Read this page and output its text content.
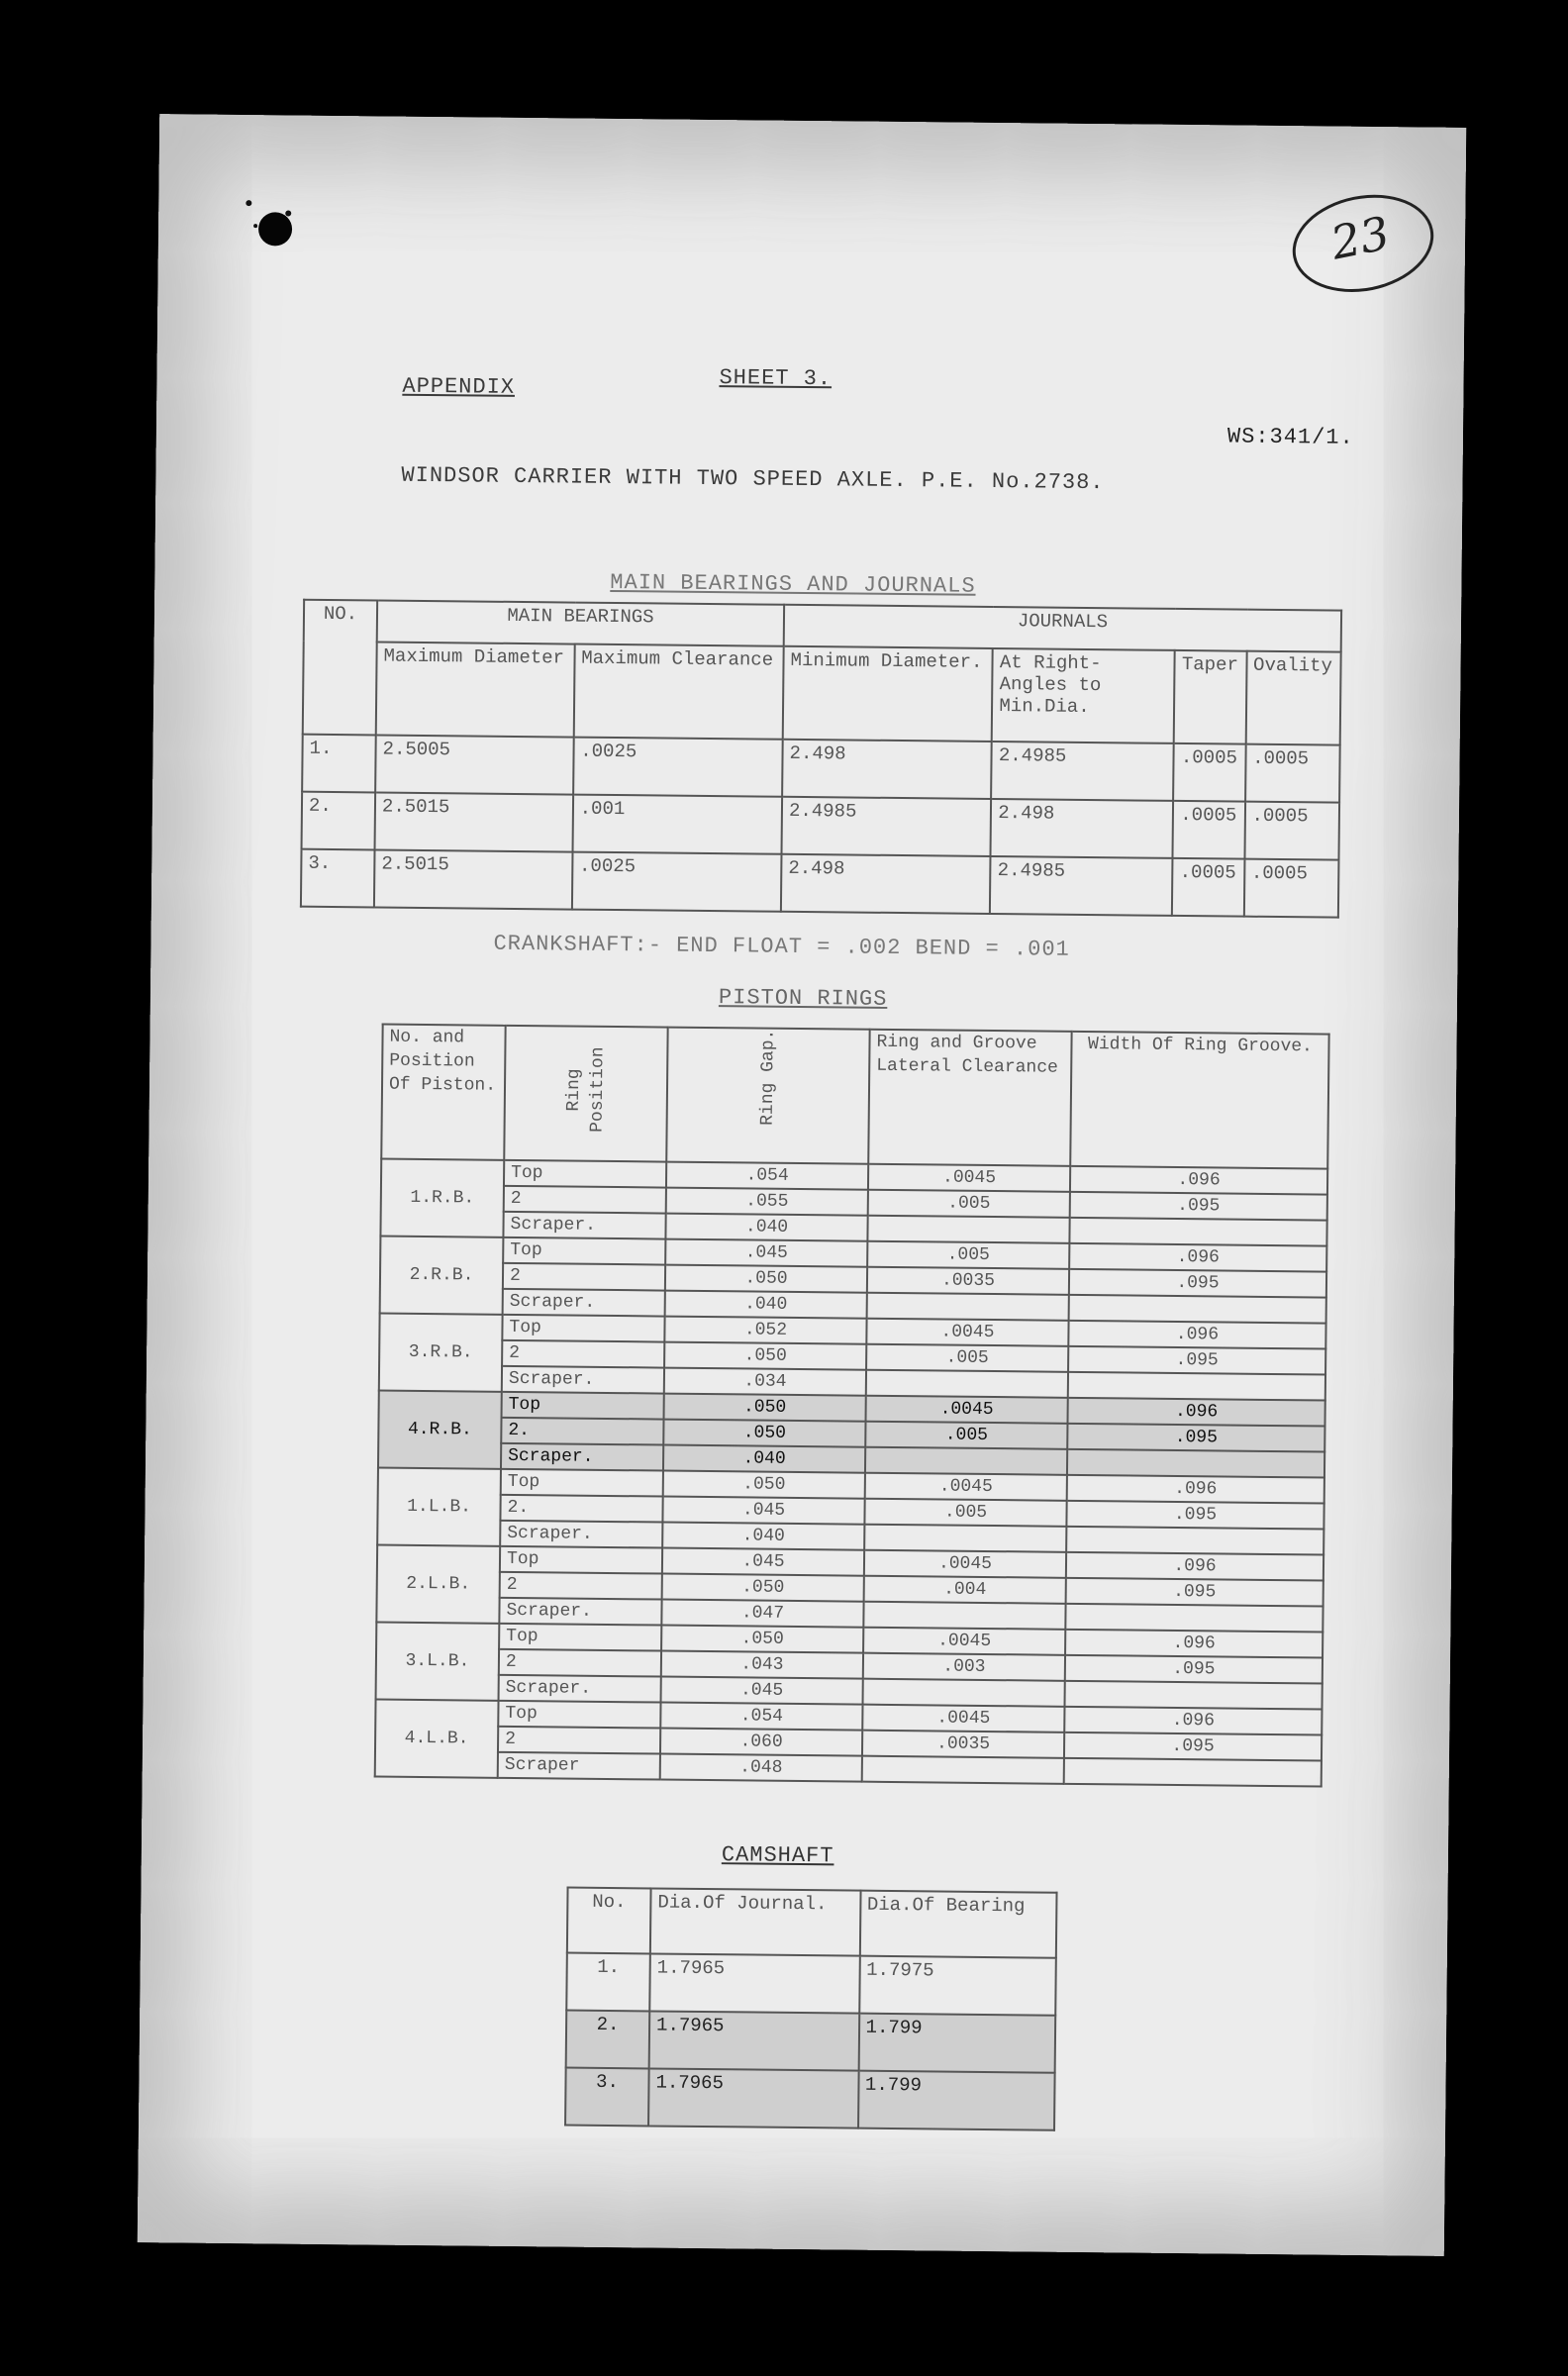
23
APPENDIX	SHEET 3.
WS:341/1.
WINDSOR CARRIER WITH TWO SPEED AXLE. P.E. No.2738.
MAIN BEARINGS AND JOURNALS
NO.	MAIN BEARINGS		JOURNALS			
	Maximum Diameter	Maximum Clearance	Minimum Diameter.	At Right-Angles to Min.Dia.	Taper	Ovality
1.	2.5005	.0025	2.498	2.4985	.0005	.0005
2.	2.5015	.001	2.4985	2.498	.0005	.0005
3.	2.5015	.0025	2.498	2.4985	.0005	.0005
CRANKSHAFT:- END FLOAT = .002 BEND = .001
PISTON RINGS
No. and Position Of Piston.	Ring Position	Ring Gap.	Ring and Groove Lateral Clearance	Width Of Ring Groove.
1.R.B.	Top	.054	.0045	.096
	2	.055	.005	.095
	Scraper.	.040		
2.R.B.	Top	.045	.005	.096
	2	.050	.0035	.095
	Scraper.	.040		
3.R.B.	Top	.052	.0045	.096
	2	.050	.005	.095
	Scraper.	.034		
4.R.B.	Top	.050	.0045	.096
	2.	.050	.005	.095
	Scraper.	.040		
1.L.B.	Top	.050	.0045	.096
	2.	.045	.005	.095
	Scraper.	.040		
2.L.B.	Top	.045	.0045	.096
	2	.050	.004	.095
	Scraper.	.047		
3.L.B.	Top	.050	.0045	.096
	2	.043	.003	.095
	Scraper.	.045		
4.L.B.	Top	.054	.0045	.096
	2	.060	.0035	.095
	Scraper	.048		
CAMSHAFT
No.	Dia.Of Journal.	Dia.Of Bearing
1.	1.7965	1.7975
2.	1.7965	1.799
3.	1.7965	1.799
